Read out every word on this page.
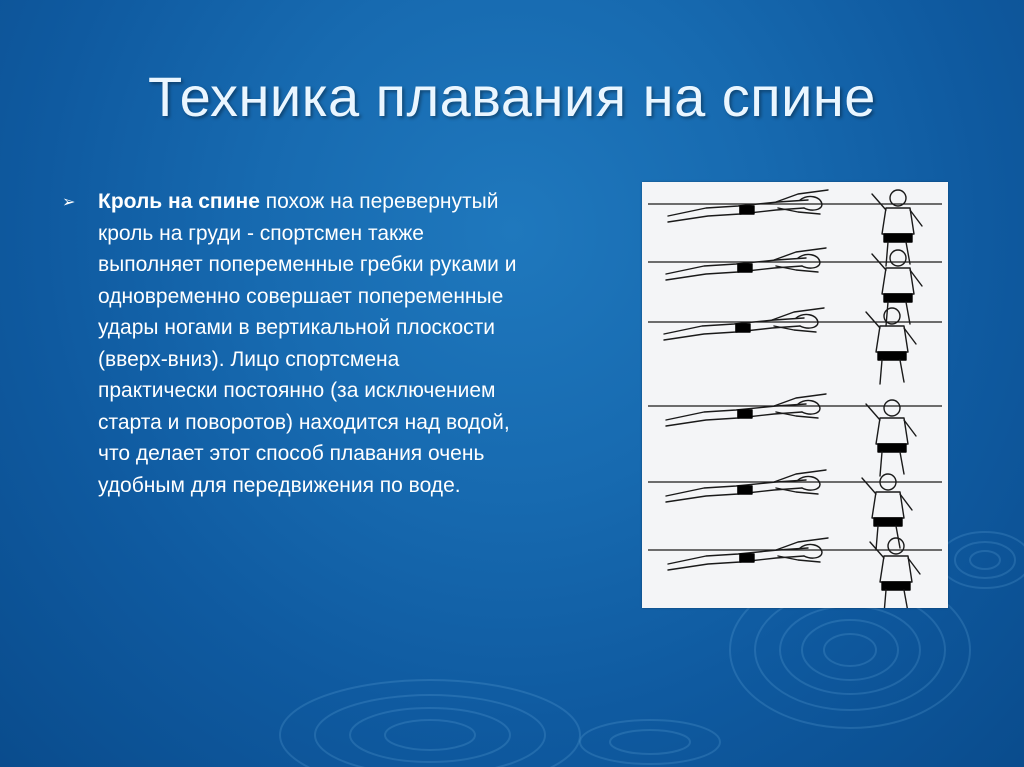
Техника плавания на спине
➢ Кроль на спине похож на перевернутый
кроль на груди - спортсмен также
выполняет попеременные гребки руками и
одновременно совершает попеременные
удары ногами в вертикальной плоскости
(вверх-вниз). Лицо спортсмена
практически постоянно (за исключением
старта и поворотов) находится над водой,
что делает этот способ плавания очень
удобным для передвижения по воде.
